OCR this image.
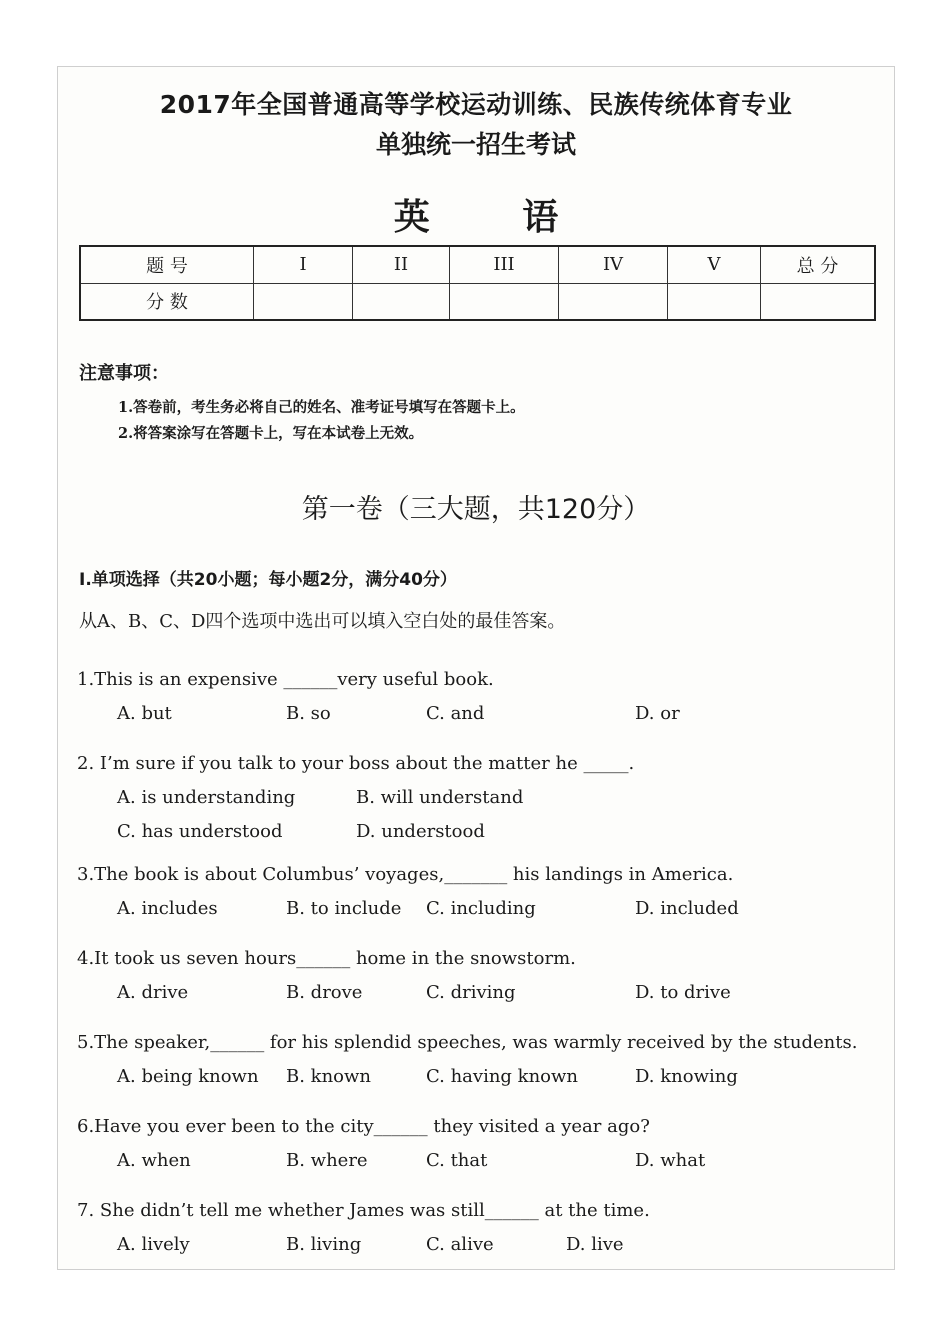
2017年全国普通高等学校运动训练、民族传统体育专业
单独统一招生考试
英 语
题 号	I	II	III	IV	V	总 分
分 数						
注意事项：
1.答卷前，考生务必将自己的姓名、准考证号填写在答题卡上。
2.将答案涂写在答题卡上，写在本试卷上无效。
第一卷（三大题，共120分）
Ⅰ.单项选择（共20小题；每小题2分，满分40分）
从A、B、C、D四个选项中选出可以填入空白处的最佳答案。
1.This is an expensive ______very useful book.
A. but	B. so	C. and	D. or
2. I’m sure if you talk to your boss about the matter he _____.
A. is understanding	B. will understand
C. has understood	D. understood
3.The book is about Columbus’ voyages,_______ his landings in America.
A. includes	B. to include C. including	D. included
4.It took us seven hours______ home in the snowstorm.
A. drive	B. drove	C. driving	D. to drive
5.The speaker,______ for his splendid speeches, was warmly received by the students.
A. being known B. known	C. having known	D. knowing
6.Have you ever been to the city______ they visited a year ago?
A. when	B. where	C. that	D. what
7. She didn’t tell me whether James was still______ at the time.
A. lively	B. living	C. alive	D. live
